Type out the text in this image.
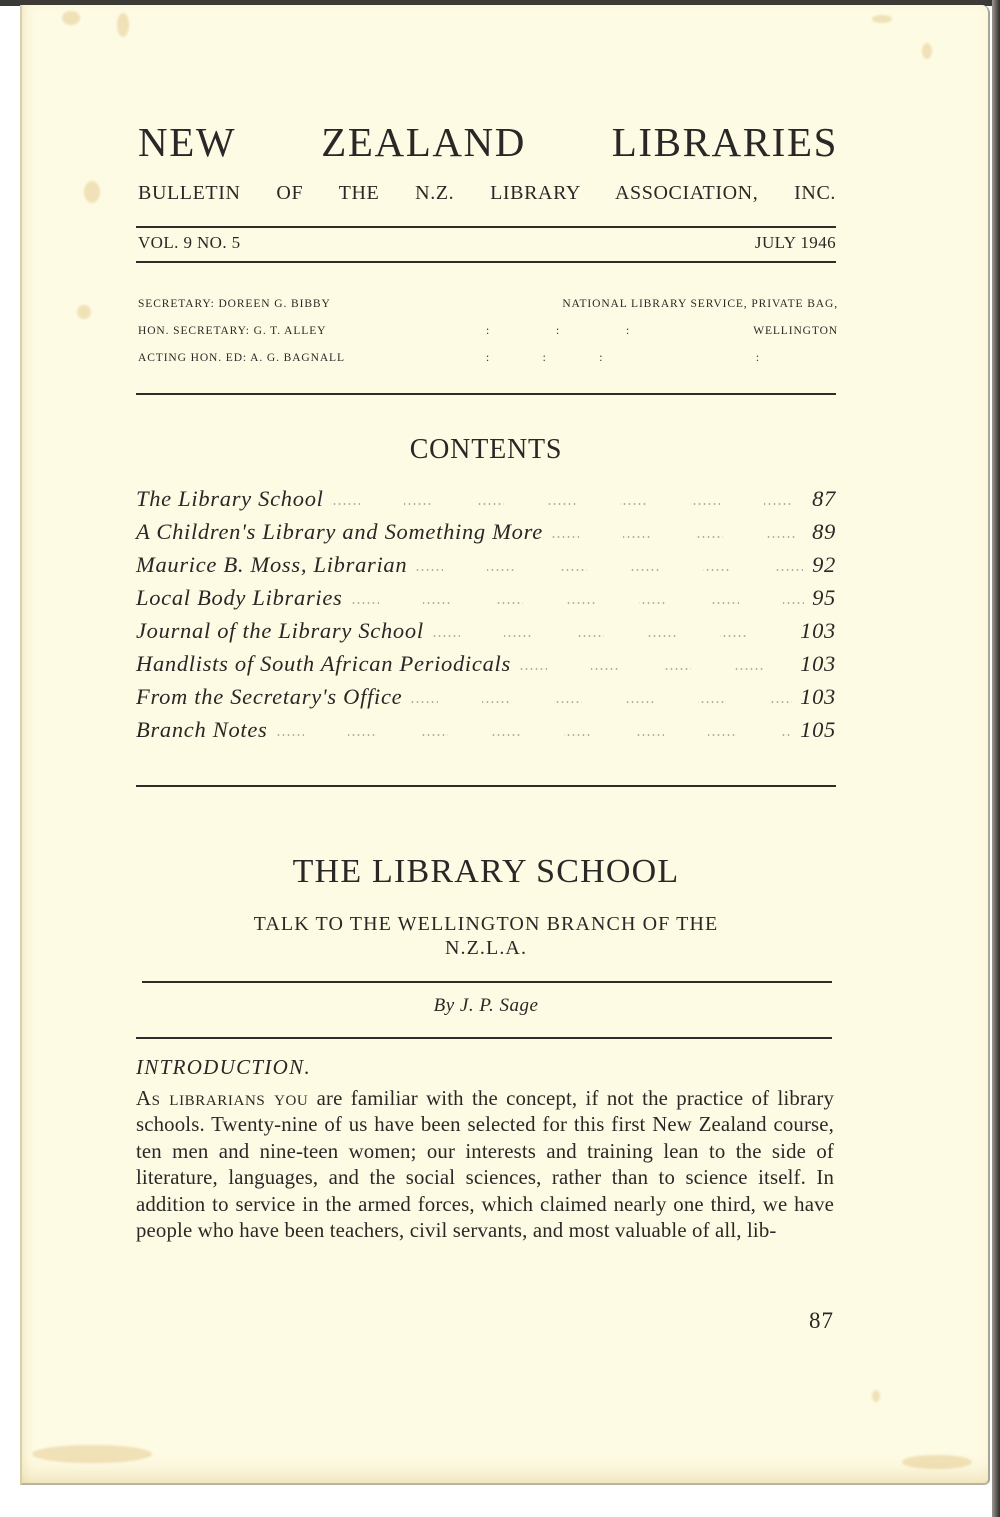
NEW ZEALAND LIBRARIES
BULLETIN OF THE N.Z. LIBRARY ASSOCIATION, INC.
VOL. 9 NO. 5	JULY 1946
SECRETARY: DOREEN G. BIBBY	NATIONAL LIBRARY SERVICE, PRIVATE BAG,
HON. SECRETARY: G. T. ALLEY	:	:	:	WELLINGTON
ACTING HON. ED: A. G. BAGNALL	:	:	:	:
CONTENTS
The Library School	87
A Children's Library and Something More	89
Maurice B. Moss, Librarian	92
Local Body Libraries	95
Journal of the Library School	103
Handlists of South African Periodicals	103
From the Secretary's Office	103
Branch Notes	105
THE LIBRARY SCHOOL
TALK TO THE WELLINGTON BRANCH OF THE
N.Z.L.A.
By J. P. Sage
INTRODUCTION.

As librarians you are familiar with the concept, if not the practice of library schools. Twenty-nine of us have been selected for this first New Zealand course, ten men and nine-teen women; our interests and training lean to the side of literature, languages, and the social sciences, rather than to science itself. In addition to service in the armed forces, which claimed nearly one third, we have people who have been teachers, civil servants, and most valuable of all, lib-

87
